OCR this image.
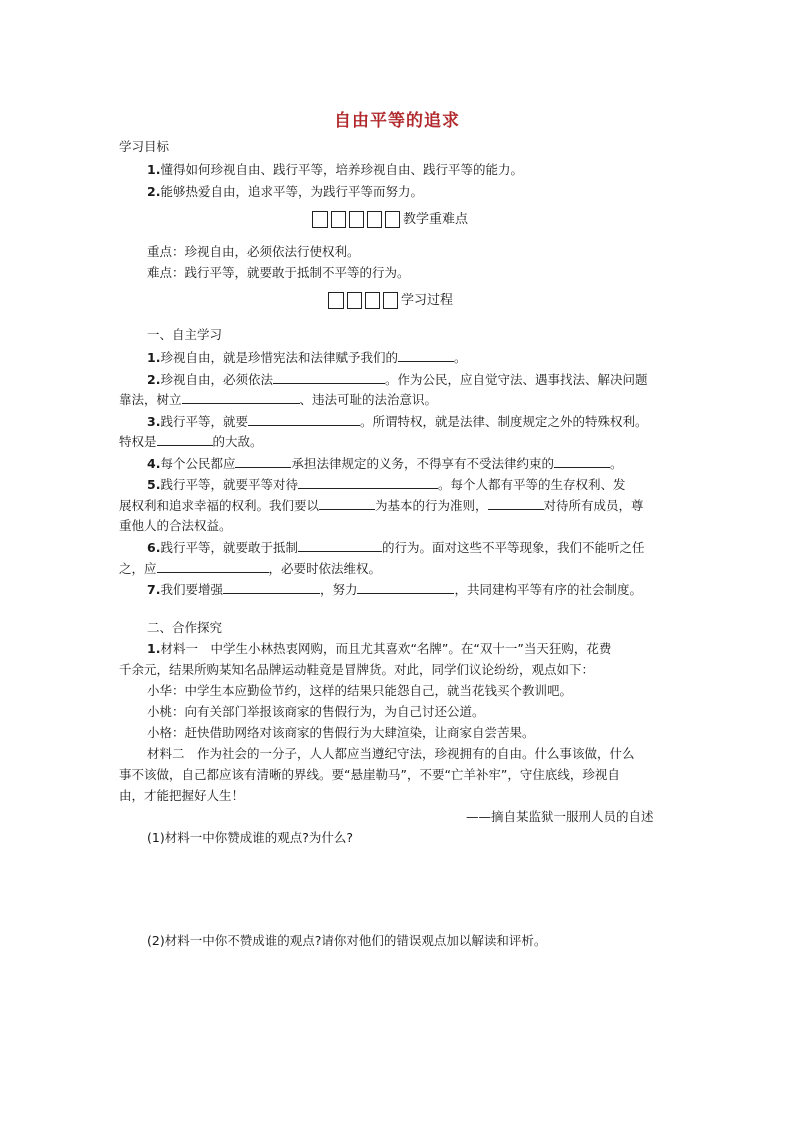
自由平等的追求
学习目标
1.懂得如何珍视自由、践行平等，培养珍视自由、践行平等的能力。
2.能够热爱自由，追求平等，为践行平等而努力。
教学重难点
重点：珍视自由，必须依法行使权利。
难点：践行平等，就要敢于抵制不平等的行为。
学习过程
一、自主学习
1.珍视自由，就是珍惜宪法和法律赋予我们的	。
2.珍视自由，必须依法	。作为公民，应自觉守法、遇事找法、解决问题
靠法，树立	、违法可耻的法治意识。
3.践行平等，就要	。所谓特权，就是法律、制度规定之外的特殊权利。
特权是	的大敌。
4.每个公民都应	承担法律规定的义务，不得享有不受法律约束的	。
5.践行平等，就要平等对待	。每个人都有平等的生存权利、发
展权利和追求幸福的权利。我们要以	为基本的行为准则，	对待所有成员，尊
重他人的合法权益。
6.践行平等，就要敢于抵制	的行为。面对这些不平等现象，我们不能听之任
之，应	，必要时依法维权。
7.我们要增强	，努力	，共同建构平等有序的社会制度。
二、合作探究
1.材料一　中学生小林热衷网购，而且尤其喜欢“名牌”。在“双十一”当天狂购，花费
千余元，结果所购某知名品牌运动鞋竟是冒牌货。对此，同学们议论纷纷，观点如下：
小华：中学生本应勤俭节约，这样的结果只能怨自己，就当花钱买个教训吧。
小桃：向有关部门举报该商家的售假行为，为自己讨还公道。
小格：赶快借助网络对该商家的售假行为大肆渲染，让商家自尝苦果。
材料二　作为社会的一分子，人人都应当遵纪守法，珍视拥有的自由。什么事该做，什么
事不该做，自己都应该有清晰的界线。要“悬崖勒马”，不要“亡羊补牢”，守住底线，珍视自
由，才能把握好人生！
——摘自某监狱一服刑人员的自述
(1)材料一中你赞成谁的观点?为什么?
(2)材料一中你不赞成谁的观点?请你对他们的错误观点加以解读和评析。
